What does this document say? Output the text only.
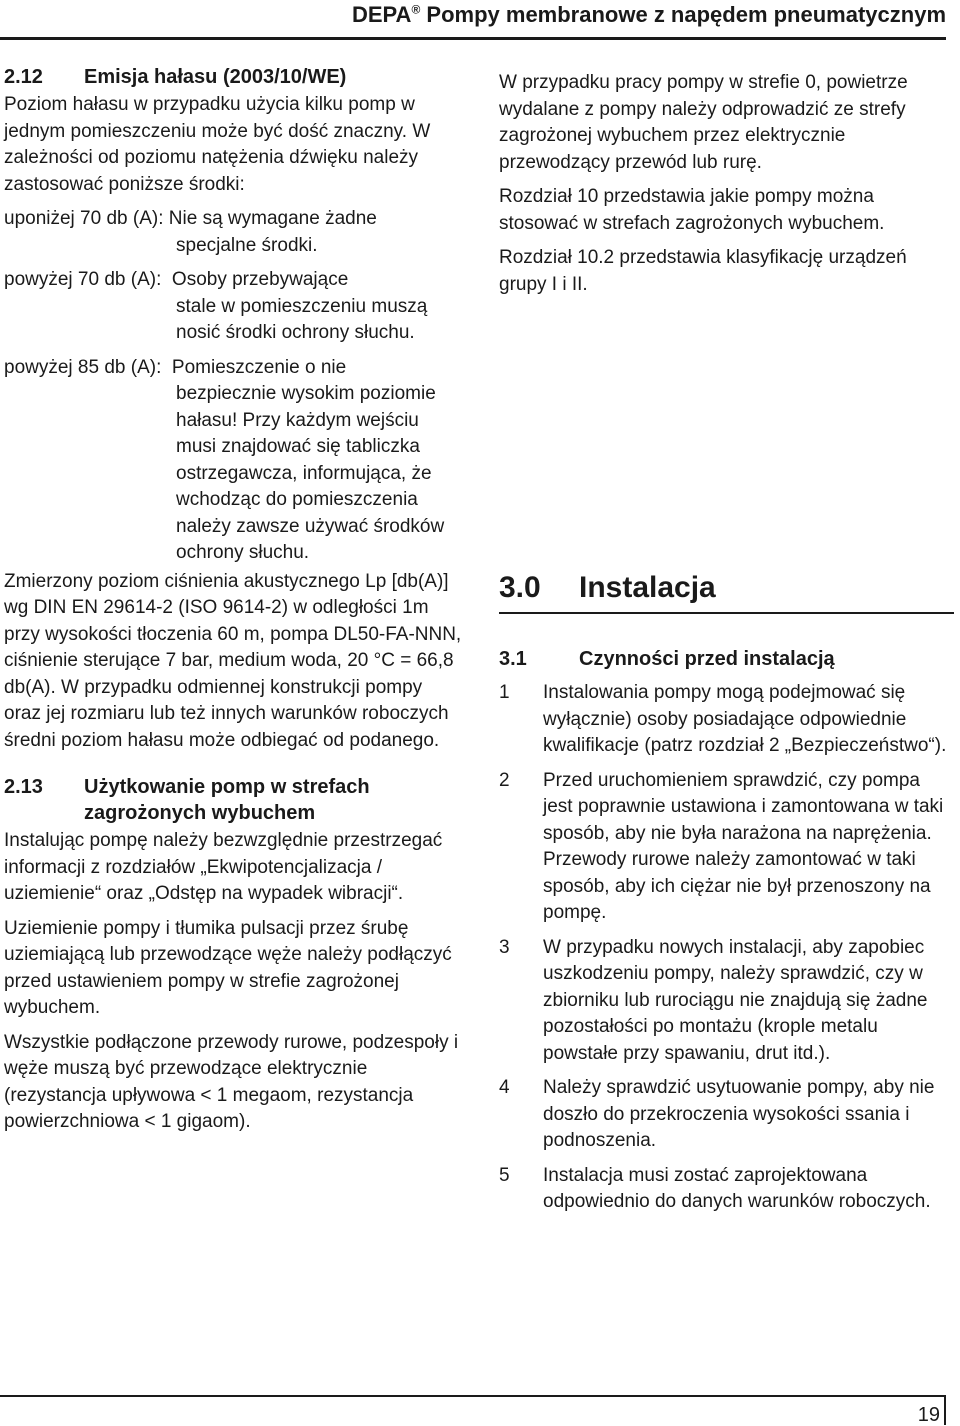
DEPA® Pompy membranowe z napędem pneumatycznym
2.12	Emisja hałasu (2003/10/WE)

Poziom hałasu w przypadku użycia kilku pomp w jednym pomieszczeniu może być dość znaczny. W zależności od poziomu natężenia dźwięku należy zastosować poniższe środki:

uponiżej 70 db (A): Nie są wymagane żadne
specjalne środki.
powyżej 70 db (A): Osoby przebywające
stale w pomieszczeniu muszą nosić środki ochrony słuchu.
powyżej 85 db (A): Pomieszczenie o nie
bezpiecznie wysokim poziomie hałasu! Przy każdym wejściu musi znajdować się tabliczka ostrzegawcza, informująca, że wchodząc do pomieszczenia należy zawsze używać środków ochrony słuchu.

Zmierzony poziom ciśnienia akustycznego Lp [db(A)] wg DIN EN 29614-2 (ISO 9614-2) w odległości 1m przy wysokości tłoczenia 60 m, pompa DL50-FA-NNN, ciśnienie sterujące 7 bar, medium woda, 20 °C = 66,8 db(A). W przypadku odmiennej konstrukcji pompy oraz jej rozmiaru lub też innych warunków roboczych średni poziom hałasu może odbiegać od podanego.

2.13	Użytkowanie pomp w strefach
zagrożonych wybuchem

Instalując pompę należy bezwzględnie przestrzegać informacji z rozdziałów „Ekwipotencjalizacja / uziemienie“ oraz „Odstęp na wypadek wibracji“.

Uziemienie pompy i tłumika pulsacji przez śrubę uziemiającą lub przewodzące węże należy podłączyć przed ustawieniem pompy w strefie zagrożonej wybuchem.

Wszystkie podłączone przewody rurowe, podzespoły i węże muszą być przewodzące elektrycznie (rezystancja upływowa < 1 megaom, rezystancja powierzchniowa < 1 gigaom).

W przypadku pracy pompy w strefie 0, powietrze wydalane z pompy należy odprowadzić ze strefy zagrożonej wybuchem przez elektrycznie przewodzący przewód lub rurę.

Rozdział 10 przedstawia jakie pompy można stosować w strefach zagrożonych wybuchem.

Rozdział 10.2 przedstawia klasyfikację urządzeń grupy I i II.

3.0	Instalacja
3.1	Czynności przed instalacją
1	Instalowania pompy mogą podejmować się wyłącznie) osoby posiadające odpowiednie kwalifikacje (patrz rozdział 2 „Bezpieczeństwo“).
2	Przed uruchomieniem sprawdzić, czy pompa jest poprawnie ustawiona i zamontowana w taki sposób, aby nie była narażona na naprężenia. Przewody rurowe należy zamontować w taki sposób, aby ich ciężar nie był przenoszony na pompę.
3	W przypadku nowych instalacji, aby zapobiec uszkodzeniu pompy, należy sprawdzić, czy w zbiorniku lub rurociągu nie znajdują się żadne pozostałości po montażu (krople metalu powstałe przy spawaniu, drut itd.).
4	Należy sprawdzić usytuowanie pompy, aby nie doszło do przekroczenia wysokości ssania i podnoszenia.
5	Instalacja musi zostać zaprojektowana odpowiednio do danych warunków roboczych.
19
